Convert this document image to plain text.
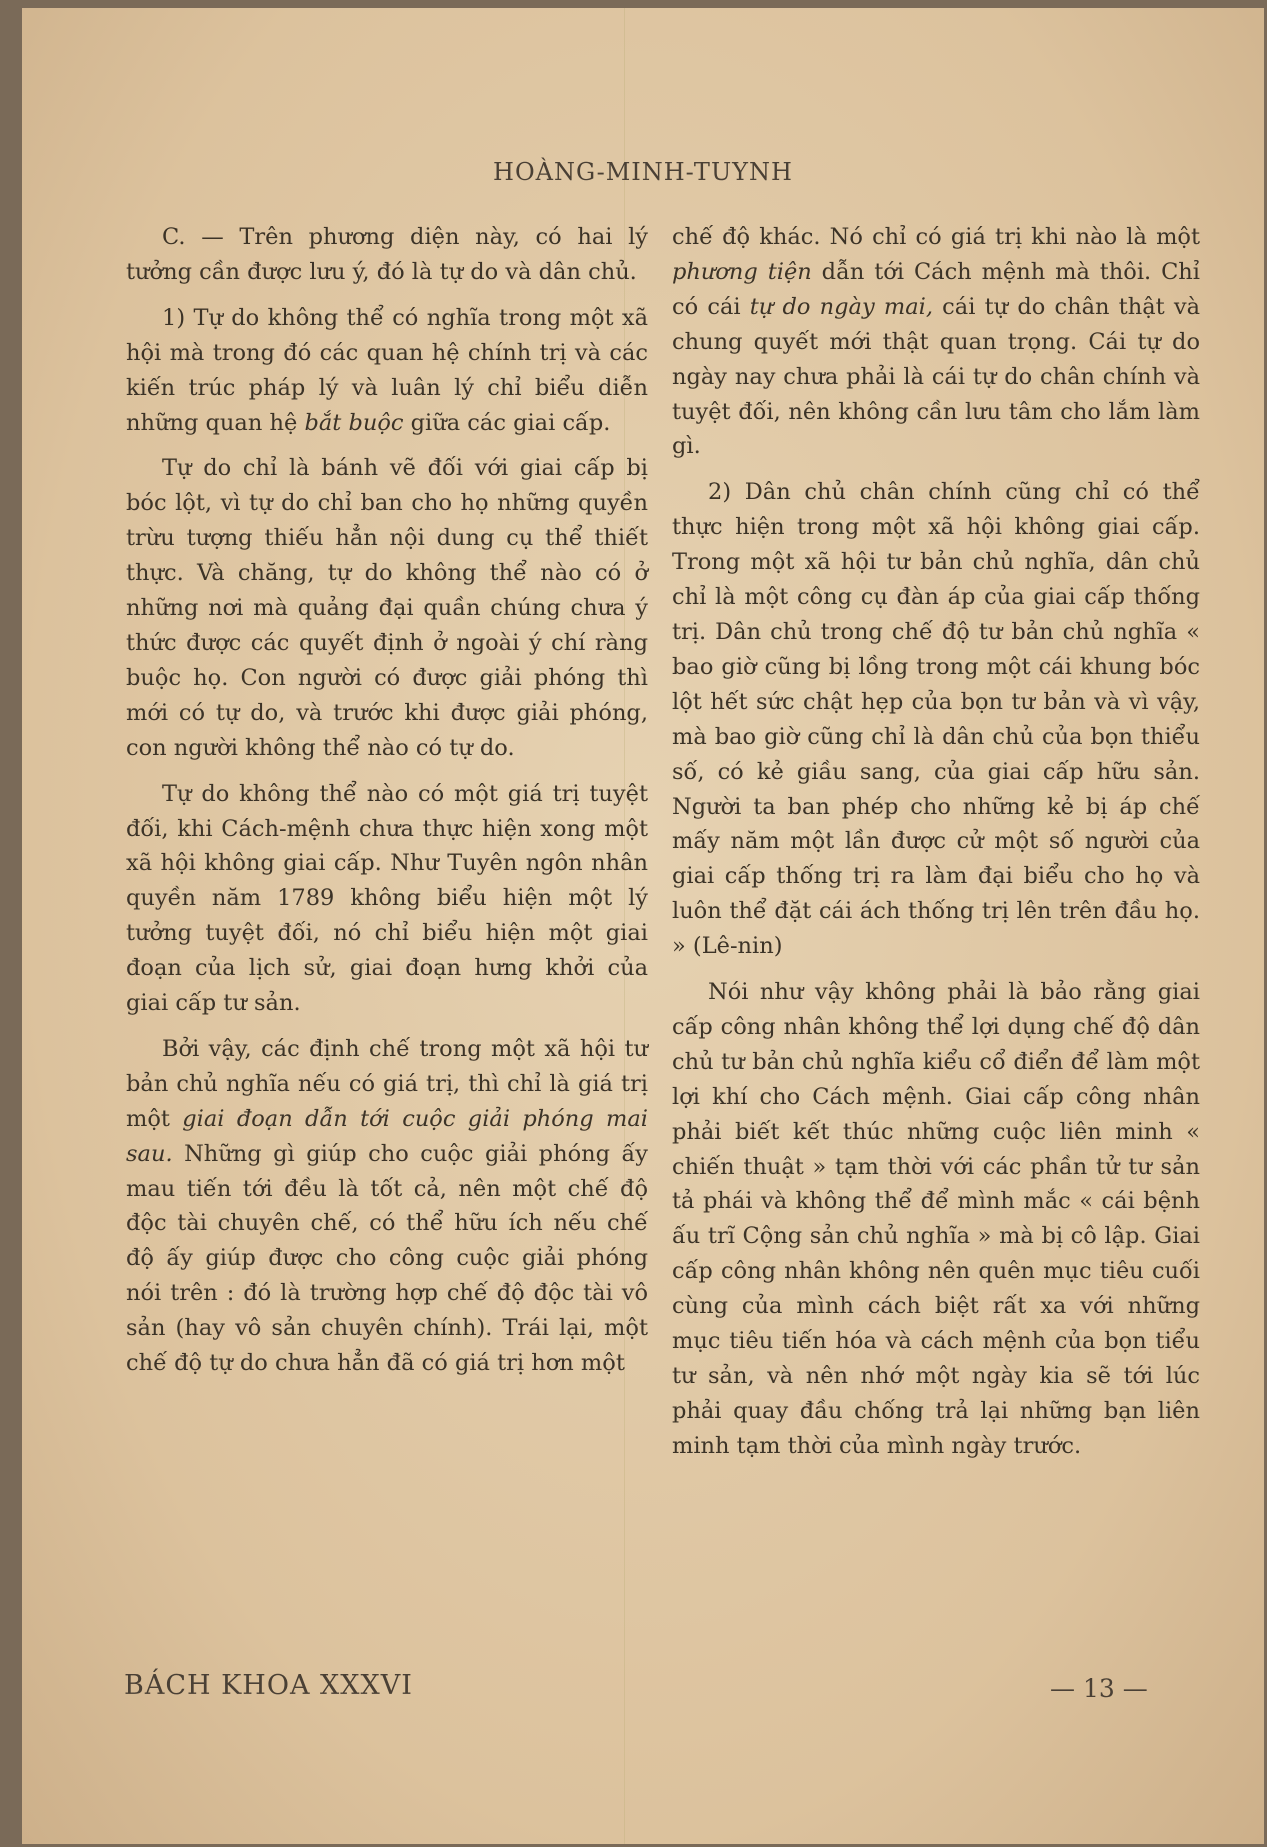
HOÀNG-MINH-TUYNH

C. — Trên phương diện này, có hai lý tưởng cần được lưu ý, đó là tự do và dân chủ.

1) Tự do không thể có nghĩa trong một xã hội mà trong đó các quan hệ chính trị và các kiến trúc pháp lý và luân lý chỉ biểu diễn những quan hệ bắt buộc giữa các giai cấp.

Tự do chỉ là bánh vẽ đối với giai cấp bị bóc lột, vì tự do chỉ ban cho họ những quyền trừu tượng thiếu hẳn nội dung cụ thể thiết thực. Và chăng, tự do không thể nào có ở những nơi mà quảng đại quần chúng chưa ý thức được các quyết định ở ngoài ý chí ràng buộc họ. Con người có được giải phóng thì mới có tự do, và trước khi được giải phóng, con người không thể nào có tự do.

Tự do không thể nào có một giá trị tuyệt đối, khi Cách-mệnh chưa thực hiện xong một xã hội không giai cấp. Như Tuyên ngôn nhân quyền năm 1789 không biểu hiện một lý tưởng tuyệt đối, nó chỉ biểu hiện một giai đoạn của lịch sử, giai đoạn hưng khởi của giai cấp tư sản.

Bởi vậy, các định chế trong một xã hội tư bản chủ nghĩa nếu có giá trị, thì chỉ là giá trị một giai đoạn dẫn tới cuộc giải phóng mai sau. Những gì giúp cho cuộc giải phóng ấy mau tiến tới đều là tốt cả, nên một chế độ độc tài chuyên chế, có thể hữu ích nếu chế độ ấy giúp được cho công cuộc giải phóng nói trên : đó là trường hợp chế độ độc tài vô sản (hay vô sản chuyên chính). Trái lại, một chế độ tự do chưa hẳn đã có giá trị hơn một

chế độ khác. Nó chỉ có giá trị khi nào là một phương tiện dẫn tới Cách mệnh mà thôi. Chỉ có cái tự do ngày mai, cái tự do chân thật và chung quyết mới thật quan trọng. Cái tự do ngày nay chưa phải là cái tự do chân chính và tuyệt đối, nên không cần lưu tâm cho lắm làm gì.

2) Dân chủ chân chính cũng chỉ có thể thực hiện trong một xã hội không giai cấp. Trong một xã hội tư bản chủ nghĩa, dân chủ chỉ là một công cụ đàn áp của giai cấp thống trị. Dân chủ trong chế độ tư bản chủ nghĩa « bao giờ cũng bị lồng trong một cái khung bóc lột hết sức chật hẹp của bọn tư bản và vì vậy, mà bao giờ cũng chỉ là dân chủ của bọn thiểu số, có kẻ giầu sang, của giai cấp hữu sản. Người ta ban phép cho những kẻ bị áp chế mấy năm một lần được cử một số người của giai cấp thống trị ra làm đại biểu cho họ và luôn thể đặt cái ách thống trị lên trên đầu họ. » (Lê-nin)

Nói như vậy không phải là bảo rằng giai cấp công nhân không thể lợi dụng chế độ dân chủ tư bản chủ nghĩa kiểu cổ điển để làm một lợi khí cho Cách mệnh. Giai cấp công nhân phải biết kết thúc những cuộc liên minh « chiến thuật » tạm thời với các phần tử tư sản tả phái và không thể để mình mắc « cái bệnh ấu trĩ Cộng sản chủ nghĩa » mà bị cô lập. Giai cấp công nhân không nên quên mục tiêu cuối cùng của mình cách biệt rất xa với những mục tiêu tiến hóa và cách mệnh của bọn tiểu tư sản, và nên nhớ một ngày kia sẽ tới lúc phải quay đầu chống trả lại những bạn liên minh tạm thời của mình ngày trước.

BÁCH KHOA XXXVI	— 13 —
